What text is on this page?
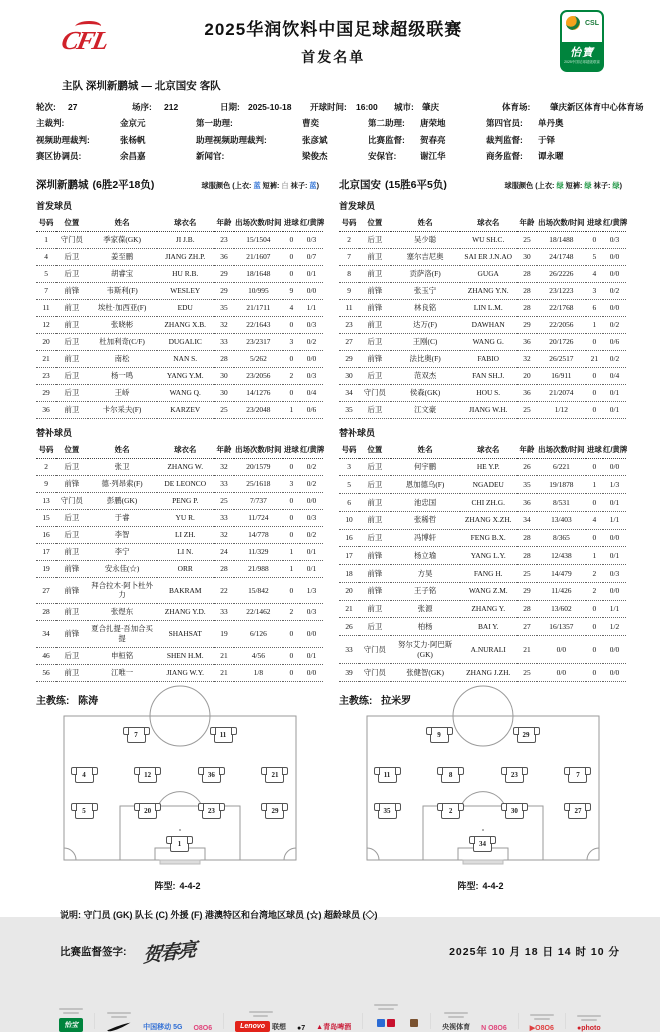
CFL	2025华润饮料中国足球超级联赛
首发名单
CSL
怡寶
2025中国足球超级联赛
主队 深圳新鹏城 — 北京国安 客队
轮次:	27	场序:	212	日期: 2025-10-18	开球时间:	16:00	城市: 肇庆	体育场:	肇庆新区体育中心体育场
主裁判:	金京元	第一助理:	曹奕	第二助理:	唐荣地	第四官员:	单丹奥
视频助理裁判:	张杨帆	助理视频助理裁判:	张彦斌	比赛监督:	贺春亮	裁判监督:	于铎
赛区协调员:	余昌嘉	新闻官:	梁俊杰	安保官:	谢江华	商务监督:	谭永曜
深圳新鹏城 (6胜2平18负)	球服颜色 (上衣: 蓝 短裤: 白 袜子: 蓝)	北京国安 (15胜6平5负)	球服颜色 (上衣: 绿 短裤: 绿 袜子: 绿)
首发球员	首发球员
号码	位置	姓名	球衣名	年龄	出场次数/时间	进球	红/黄牌
1	守门员	季家葆(GK)	JI J.B.	23	15/1504	0	0/3
4	后卫	姜至鹏	JIANG ZH.P.	36	21/1607	0	0/7
5	后卫	胡睿宝	HU R.B.	29	18/1648	0	0/1
7	前锋	韦斯利(F)	WESLEY	29	10/995	9	0/0
11	前卫	埃杜·加西亚(F)	EDU	35	21/1711	4	1/1
12	前卫	张晓彬	ZHANG X.B.	32	22/1643	0	0/3
20	后卫	杜加利奇(C/F)	DUGALIC	33	23/2317	3	0/2
21	前卫	南松	NAN S.	28	5/262	0	0/0
23	后卫	杨一鸣	YANG Y.M.	30	23/2056	2	0/3
29	后卫	王峤	WANG Q.	30	14/1276	0	0/4
36	前卫	卡尔采夫(F)	KARZEV	25	23/2048	1	0/6
号码	位置	姓名	球衣名	年龄	出场次数/时间	进球	红/黄牌
2	后卫	吴少聪	WU SH.C.	25	18/1488	0	0/3
7	前卫	塞尔吉尼奥	SAI ER J.N.AO	30	24/1748	5	0/0
8	前卫	贡萨洛(F)	GUGA	28	26/2226	4	0/0
9	前锋	张玉宁	ZHANG Y.N.	28	23/1223	3	0/2
11	前锋	林良铭	LIN L.M.	28	22/1768	6	0/0
23	前卫	达万(F)	DAWHAN	29	22/2056	1	0/2
27	后卫	王刚(C)	WANG G.	36	20/1726	0	0/6
29	前锋	法比奥(F)	FABIO	32	26/2517	21	0/2
30	后卫	范双杰	FAN SH.J.	20	16/911	0	0/4
34	守门员	侯森(GK)	HOU S.	36	21/2074	0	0/1
35	后卫	江文豪	JIANG W.H.	25	1/12	0	0/1
替补球员	替补球员
号码	位置	姓名	球衣名	年龄	出场次数/时间	进球	红/黄牌
2	后卫	张卫	ZHANG W.	32	20/1579	0	0/2
9	前锋	德·列昂索(F)	DE LEONCO	33	25/1618	3	0/2
13	守门员	彭鹏(GK)	PENG P.	25	7/737	0	0/0
15	后卫	于睿	YU R.	33	11/724	0	0/3
16	后卫	李智	LI ZH.	32	14/778	0	0/2
17	前卫	李宁	LI N.	24	11/329	1	0/1
19	前锋	安永佳(☆)	ORR	28	21/988	1	0/1
27	前锋	拜合拉木·阿卜杜外力	BAKRAM	22	15/842	0	1/3
28	前卫	张煜东	ZHANG Y.D.	33	22/1462	2	0/3
34	前锋	夏合扎提·吾加合买提	SHAHSAT	19	6/126	0	0/0
46	后卫	申桓铭	SHEN H.M.	21	4/56	0	0/1
56	前卫	江唯一	JIANG W.Y.	21	1/8	0	0/0
号码	位置	姓名	球衣名	年龄	出场次数/时间	进球	红/黄牌
3	后卫	何宇鹏	HE Y.P.	26	6/221	0	0/0
5	后卫	恩加德乌(F)	NGADEU	35	19/1878	1	1/3
6	前卫	池忠国	CHI ZH.G.	36	8/531	0	0/1
10	前卫	张稀哲	ZHANG X.ZH.	34	13/403	4	1/1
16	后卫	冯博轩	FENG B.X.	28	8/365	0	0/0
17	前锋	杨立瑜	YANG L.Y.	28	12/438	1	0/1
18	前锋	方昊	FANG H.	25	14/479	2	0/3
20	前锋	王子铭	WANG Z.M.	29	11/426	2	0/0
21	前卫	张源	ZHANG Y.	28	13/602	0	1/1
26	后卫	柏杨	BAI Y.	27	16/1357	0	1/2
33	守门员	努尔艾力·阿巴斯(GK)	A.NURALI	21	0/0	0	0/0
39	守门员	张健智(GK)	ZHANG J.ZH.	25	0/0	0	0/0
主教练: 陈涛	主教练: 拉米罗
7	11
4	12	36	21
5	20	23	29
1
阵型: 4-4-2
9	29
11	8	23	7
35	2	30	27
34
阵型: 4-4-2
说明: 守门员 (GK) 队长 (C) 外援 (F) 港澳特区和台湾地区球员 (☆) 超龄球员 (◇)
比赛监督签字: 贺春亮	2025年 10 月 18 日 14 时 10 分
怡宝	中国移动 5G O8O6	Lenovo	联想 ●7 ▲青岛啤酒	央视体育 N O8O6	▶O8O6	●photo
